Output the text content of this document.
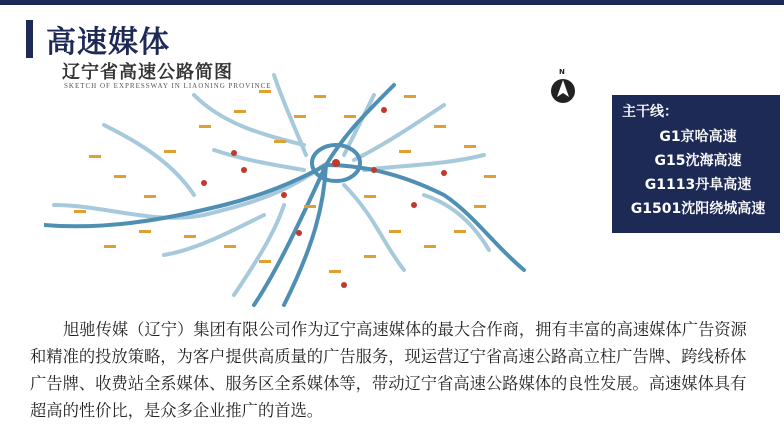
高速媒体
辽宁省高速公路简图
SKETCH OF EXPRESSWAY IN LIAONING PROVINCE
N
主干线：
G1京哈高速
G15沈海高速
G1113丹阜高速
G1501沈阳绕城高速
旭驰传媒（辽宁）集团有限公司作为辽宁高速媒体的最大合作商，拥有丰富的高速媒体广告资源和精准的投放策略，为客户提供高质量的广告服务，现运营辽宁省高速公路高立柱广告牌、跨线桥体广告牌、收费站全系媒体、服务区全系媒体等，带动辽宁省高速公路媒体的良性发展。高速媒体具有超高的性价比，是众多企业推广的首选。
